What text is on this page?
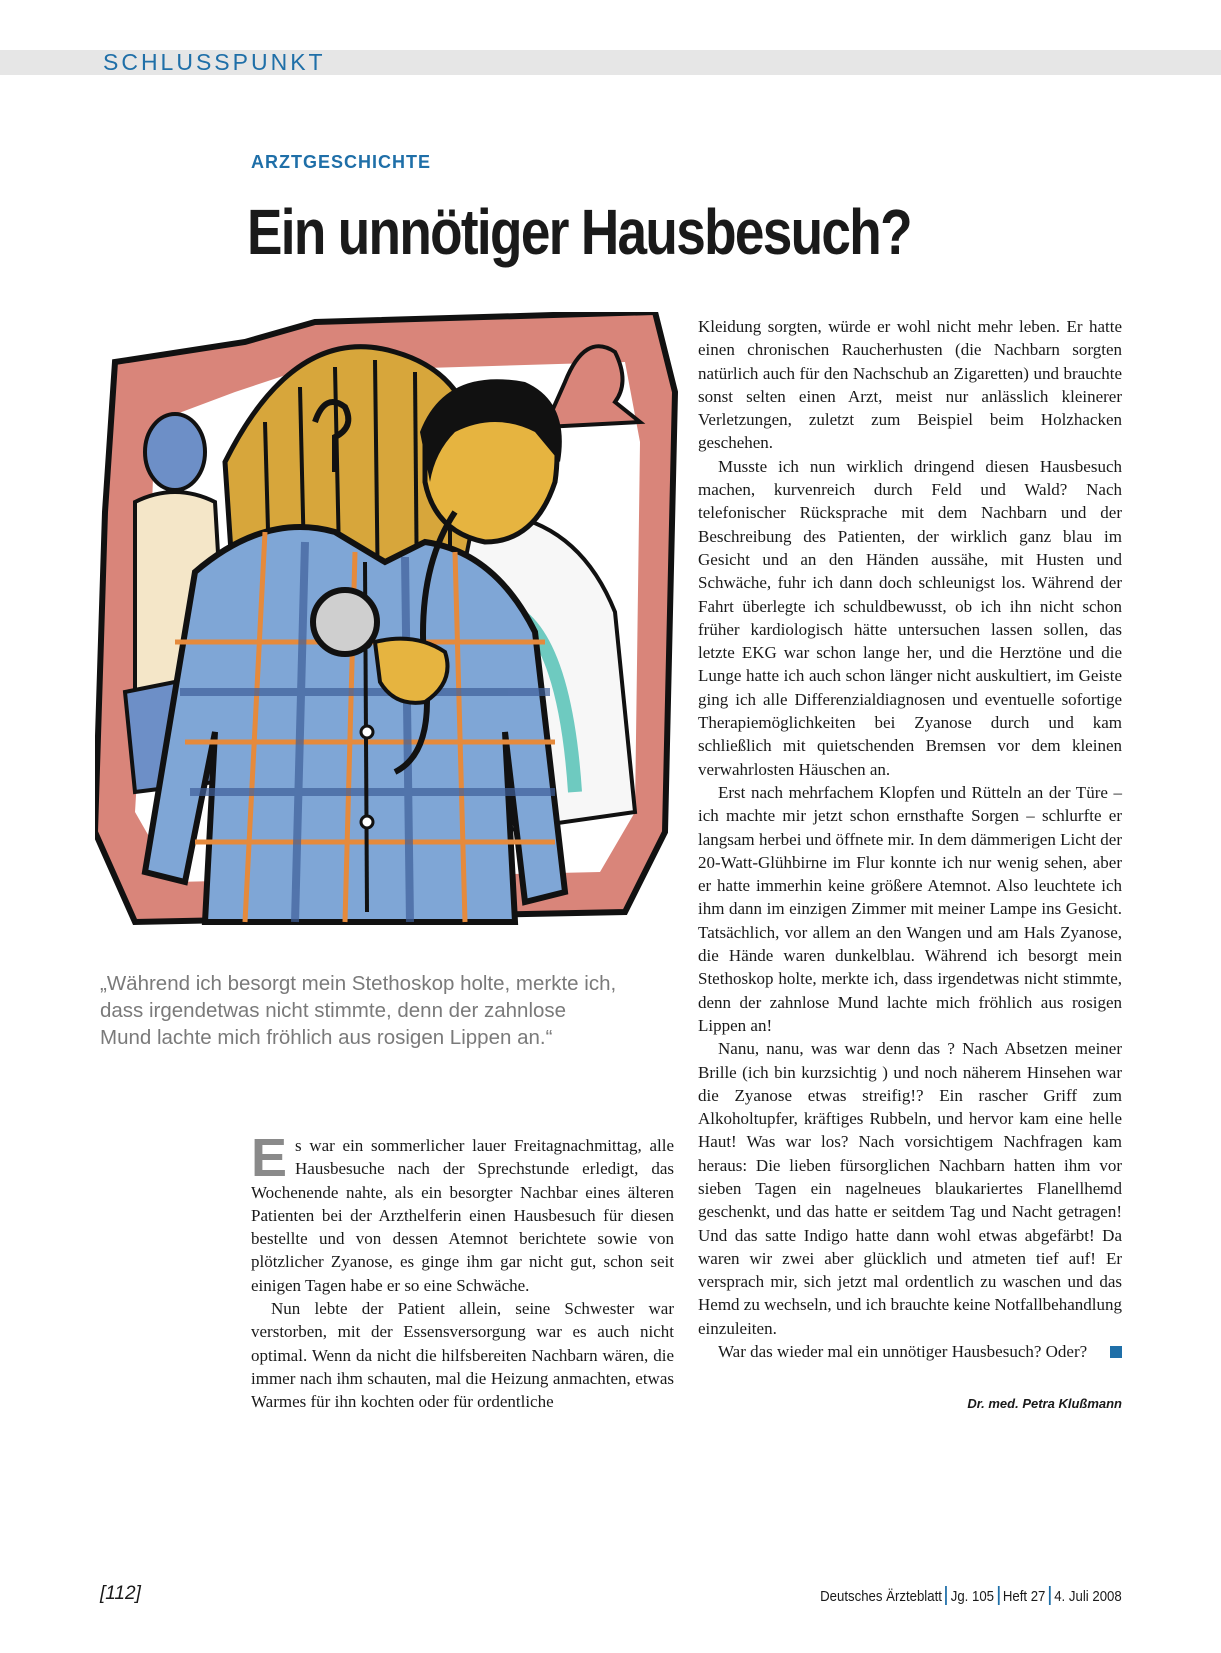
SCHLUSSPUNKT
ARZTGESCHICHTE
Ein unnötiger Hausbesuch?

„Während ich besorgt mein Stethoskop holte, merkte ich, dass irgendetwas nicht stimmte, denn der zahnlose Mund lachte mich fröhlich aus rosigen Lippen an.“

Es war ein sommerlicher lauer Freitagnachmittag, alle Hausbesuche nach der Sprechstunde erledigt, das Wochenende nahte, als ein besorgter Nachbar eines älteren Patienten bei der Arzthelferin einen Hausbesuch für diesen bestellte und von dessen Atemnot berichtete sowie von plötzlicher Zyanose, es ginge ihm gar nicht gut, schon seit einigen Tagen habe er so eine Schwäche.

Nun lebte der Patient allein, seine Schwester war verstorben, mit der Essensversorgung war es auch nicht optimal. Wenn da nicht die hilfsbereiten Nachbarn wären, die immer nach ihm schauten, mal die Heizung anmachten, etwas Warmes für ihn kochten oder für ordentliche

Kleidung sorgten, würde er wohl nicht mehr leben. Er hatte einen chronischen Raucherhusten (die Nachbarn sorgten natürlich auch für den Nachschub an Zigaretten) und brauchte sonst selten einen Arzt, meist nur anlässlich kleinerer Verletzungen, zuletzt zum Beispiel beim Holzhacken geschehen.

Musste ich nun wirklich dringend diesen Hausbesuch machen, kurvenreich durch Feld und Wald? Nach telefonischer Rücksprache mit dem Nachbarn und der Beschreibung des Patienten, der wirklich ganz blau im Gesicht und an den Händen aussähe, mit Husten und Schwäche, fuhr ich dann doch schleunigst los. Während der Fahrt überlegte ich schuldbewusst, ob ich ihn nicht schon früher kardiologisch hätte untersuchen lassen sollen, das letzte EKG war schon lange her, und die Herztöne und die Lunge hatte ich auch schon länger nicht auskultiert, im Geiste ging ich alle Differenzialdiagnosen und eventuelle sofortige Therapiemöglichkeiten bei Zyanose durch und kam schließlich mit quietschenden Bremsen vor dem kleinen verwahrlosten Häuschen an.

Erst nach mehrfachem Klopfen und Rütteln an der Türe – ich machte mir jetzt schon ernsthafte Sorgen – schlurfte er langsam herbei und öffnete mir. In dem dämmerigen Licht der 20-Watt-Glühbirne im Flur konnte ich nur wenig sehen, aber er hatte immerhin keine größere Atemnot. Also leuchtete ich ihm dann im einzigen Zimmer mit meiner Lampe ins Gesicht. Tatsächlich, vor allem an den Wangen und am Hals Zyanose, die Hände waren dunkelblau. Während ich besorgt mein Stethoskop holte, merkte ich, dass irgendetwas nicht stimmte, denn der zahnlose Mund lachte mich fröhlich aus rosigen Lippen an!

Nanu, nanu, was war denn das ? Nach Absetzen meiner Brille (ich bin kurzsichtig ) und noch näherem Hinsehen war die Zyanose etwas streifig!? Ein rascher Griff zum Alkoholtupfer, kräftiges Rubbeln, und hervor kam eine helle Haut! Was war los? Nach vorsichtigem Nachfragen kam heraus: Die lieben fürsorglichen Nachbarn hatten ihm vor sieben Tagen ein nagelneues blaukariertes Flanellhemd geschenkt, und das hatte er seitdem Tag und Nacht getragen! Und das satte Indigo hatte dann wohl etwas abgefärbt! Da waren wir zwei aber glücklich und atmeten tief auf! Er versprach mir, sich jetzt mal ordentlich zu waschen und das Hemd zu wechseln, und ich brauchte keine Notfallbehandlung einzuleiten.

War das wieder mal ein unnötiger Hausbesuch? Oder?

Dr. med. Petra Klußmann
[112]	Deutsches Ärzteblatt Jg. 105 Heft 27 4. Juli 2008
